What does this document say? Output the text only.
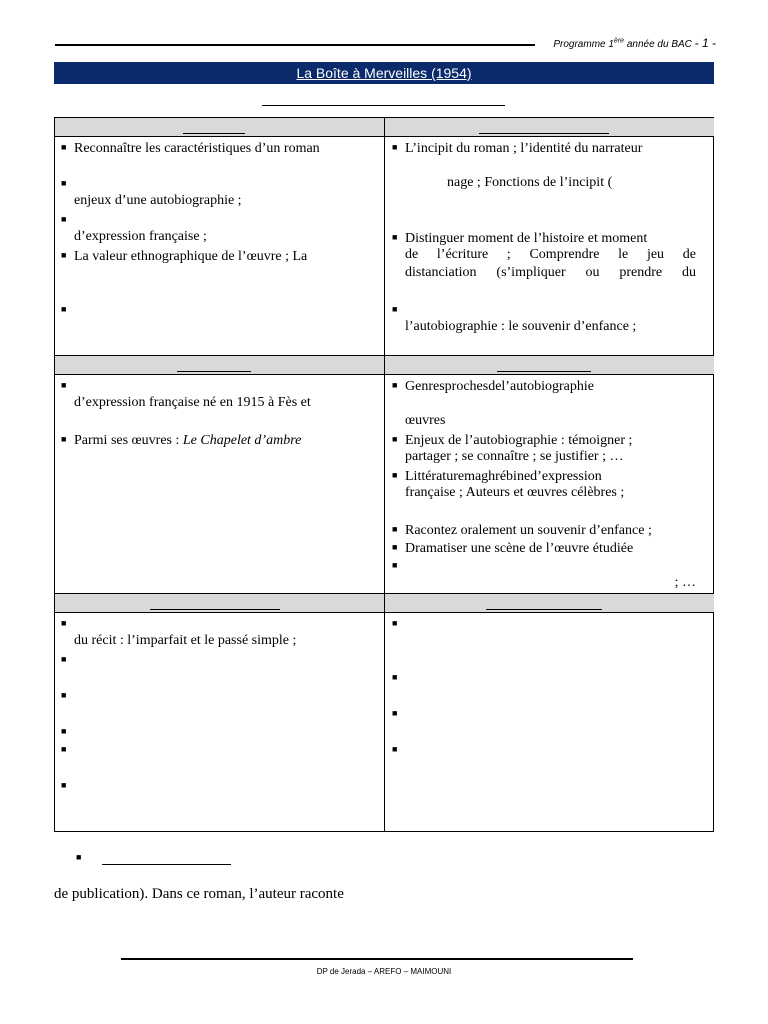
Programme 1ère année du BAC - 1 -
La Boîte à Merveilles (1954)
■ Reconnaître les caractéristiques d’un roman
■
enjeux d’une autobiographie ;
■
d’expression française ;
■ La valeur ethnographique de l’œuvre ; La
■
■ L’incipit du roman ; l’identité du narrateur
nage ; Fonctions de l’incipit (
■ Distinguer moment de l’histoire et moment
de l’écriture ; Comprendre le jeu de
distanciation (s’impliquer ou prendre du
■
l’autobiographie : le souvenir d’enfance ;
■
d’expression française né en 1915 à Fès et
■ Parmi ses œuvres : Le Chapelet d’ambre
■ Genresprochesdel’autobiographie
œuvres
■ Enjeux de l’autobiographie : témoigner ;
partager ; se connaître ; se justifier ; …
■ Littératuremaghrébined’expression
française ; Auteurs et œuvres célèbres ;
■ Racontez oralement un souvenir d’enfance ;
■ Dramatiser une scène de l’œuvre étudiée
■
; …
■
du récit : l’imparfait et le passé simple ;
■
■
■
■
■
■
■
■
■
■
de publication). Dans ce roman, l’auteur raconte
DP de Jerada – AREFO – MAIMOUNI
